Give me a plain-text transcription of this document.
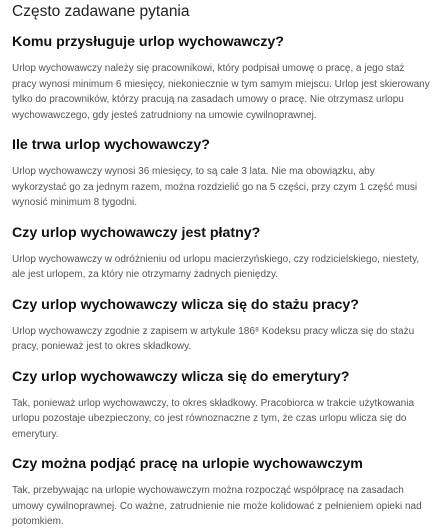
Często zadawane pytania
Komu przysługuje urlop wychowawczy?

Urlop wychowawczy należy się pracownikowi, który podpisał umowę o pracę, a jego staż pracy wynosi minimum 6 miesięcy, niekoniecznie w tym samym miejscu. Urlop jest skierowany tylko do pracowników, którzy pracują na zasadach umowy o pracę. Nie otrzymasz urlopu wychowawczego, gdy jesteś zatrudniony na umowie cywilnoprawnej.

Ile trwa urlop wychowawczy?

Urlop wychowawczy wynosi 36 miesięcy, to są całe 3 lata. Nie ma obowiązku, aby wykorzystać go za jednym razem, można rozdzielić go na 5 części, przy czym 1 część musi wynosić minimum 8 tygodni.

Czy urlop wychowawczy jest płatny?

Urlop wychowawczy w odróżnieniu od urlopu macierzyńskiego, czy rodzicielskiego, niestety, ale jest urlopem, za który nie otrzymamy żadnych pieniędzy.

Czy urlop wychowawczy wlicza się do stażu pracy?

Urlop wychowawczy zgodnie z zapisem w artykule 186⁸ Kodeksu pracy wlicza się do stażu pracy, ponieważ jest to okres składkowy.

Czy urlop wychowawczy wlicza się do emerytury?

Tak, ponieważ urlop wychowawczy, to okres składkowy. Pracobiorca w trakcie użytkowania urlopu pozostaje ubezpieczony, co jest równoznaczne z tym, że czas urlopu wlicza się do emerytury.

Czy można podjąć pracę na urlopie wychowawczym

Tak, przebywając na urlopie wychowawczym można rozpocząć współpracę na zasadach umowy cywilnoprawnej. Co ważne, zatrudnienie nie może kolidować z pełnieniem opieki nad potomkiem.
